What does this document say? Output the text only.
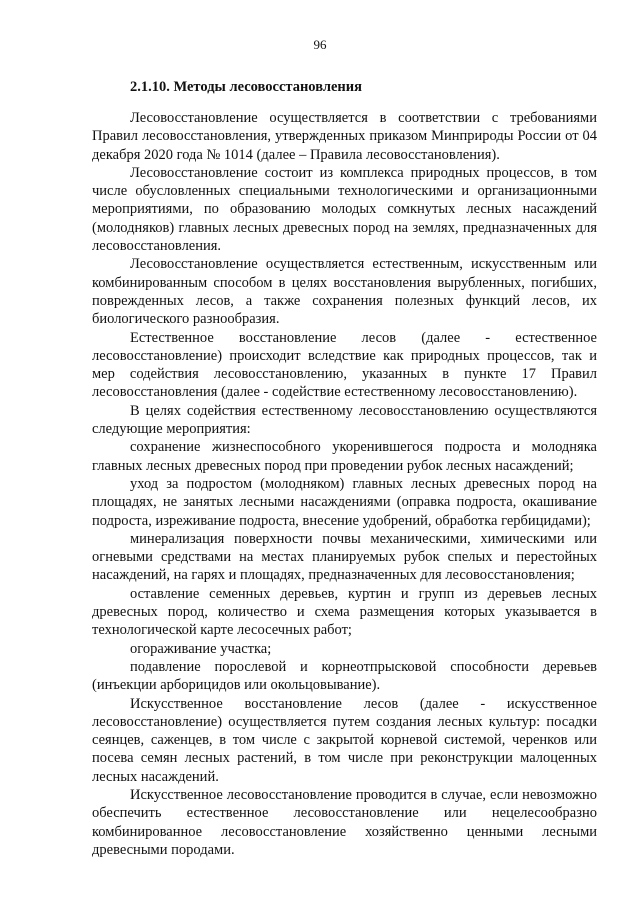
96
2.1.10. Методы лесовосстановления

Лесовосстановление осуществляется в соответствии с требованиями Правил лесовосстановления, утвержденных приказом Минприроды России от 04 декабря 2020 года № 1014 (далее – Правила лесовосстановления).

Лесовосстановление состоит из комплекса природных процессов, в том числе обусловленных специальными технологическими и организационными мероприятиями, по образованию молодых сомкнутых лесных насаждений (молодняков) главных лесных древесных пород на землях, предназначенных для лесовосстановления.

Лесовосстановление осуществляется естественным, искусственным или комбинированным способом в целях восстановления вырубленных, погибших, поврежденных лесов, а также сохранения полезных функций лесов, их биологического разнообразия.

Естественное восстановление лесов (далее - естественное лесовосстановление) происходит вследствие как природных процессов, так и мер содействия лесовосстановлению, указанных в пункте 17 Правил лесовосстановления (далее - содействие естественному лесовосстановлению).

В целях содействия естественному лесовосстановлению осуществляются следующие мероприятия:

сохранение жизнеспособного укоренившегося подроста и молодняка главных лесных древесных пород при проведении рубок лесных насаждений;

уход за подростом (молодняком) главных лесных древесных пород на площадях, не занятых лесными насаждениями (оправка подроста, окашивание подроста, изреживание подроста, внесение удобрений, обработка гербицидами);

минерализация поверхности почвы механическими, химическими или огневыми средствами на местах планируемых рубок спелых и перестойных насаждений, на гарях и площадях, предназначенных для лесовосстановления;

оставление семенных деревьев, куртин и групп из деревьев лесных древесных пород, количество и схема размещения которых указывается в технологической карте лесосечных работ;

огораживание участка;

подавление порослевой и корнеотпрысковой способности деревьев (инъекции арборицидов или окольцовывание).

Искусственное восстановление лесов (далее - искусственное лесовосстановление) осуществляется путем создания лесных культур: посадки сеянцев, саженцев, в том числе с закрытой корневой системой, черенков или посева семян лесных растений, в том числе при реконструкции малоценных лесных насаждений.

Искусственное лесовосстановление проводится в случае, если невозможно обеспечить естественное лесовосстановление или нецелесообразно комбинированное лесовосстановление хозяйственно ценными лесными древесными породами.
